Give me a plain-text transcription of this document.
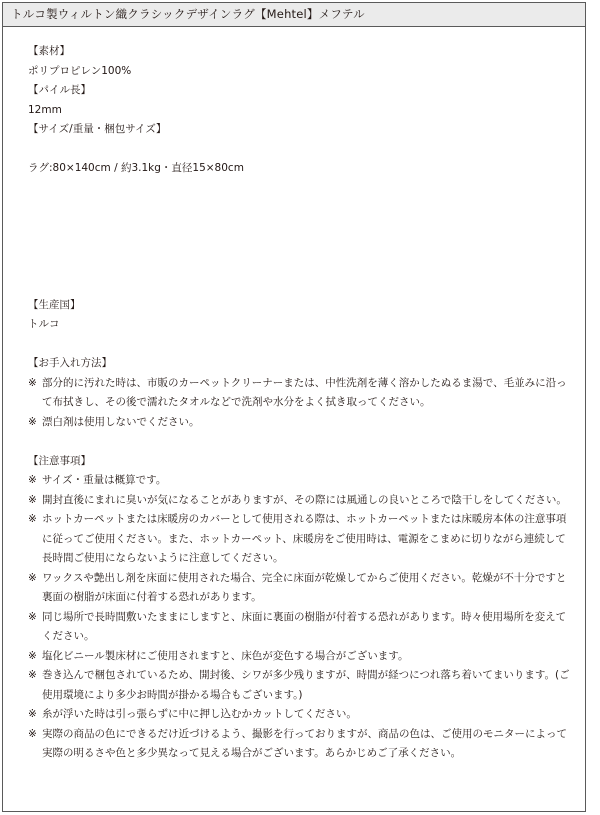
トルコ製ウィルトン織クラシックデザインラグ【Mehtel】メフテル

【素材】

ポリプロピレン100%

【パイル長】

12mm

【サイズ/重量・梱包サイズ】

ラグ:80×140cm / 約3.1kg・直径15×80cm

【生産国】

トルコ

【お手入れ方法】

※ 部分的に汚れた時は、市販のカーペットクリーナーまたは、中性洗剤を薄く溶かしたぬるま湯で、毛並みに沿って布拭きし、その後で濡れたタオルなどで洗剤や水分をよく拭き取ってください。

※ 漂白剤は使用しないでください。

【注意事項】

※ サイズ・重量は概算です。

※ 開封直後にまれに臭いが気になることがありますが、その際には風通しの良いところで陰干しをしてください。

※ ホットカーペットまたは床暖房のカバーとして使用される際は、ホットカーペットまたは床暖房本体の注意事項に従ってご使用ください。また、ホットカーペット、床暖房をご使用時は、電源をこまめに切りながら連続して長時間ご使用にならないように注意してください。

※ ワックスや艶出し剤を床面に使用された場合、完全に床面が乾燥してからご使用ください。乾燥が不十分ですと裏面の樹脂が床面に付着する恐れがあります。

※ 同じ場所で長時間敷いたままにしますと、床面に裏面の樹脂が付着する恐れがあります。時々使用場所を変えてください。

※ 塩化ビニール製床材にご使用されますと、床色が変色する場合がございます。

※ 巻き込んで梱包されているため、開封後、シワが多少残りますが、時間が経つにつれ落ち着いてまいります。(ご使用環境により多少お時間が掛かる場合もございます。)

※ 糸が浮いた時は引っ張らずに中に押し込むかカットしてください。

※ 実際の商品の色にできるだけ近づけるよう、撮影を行っておりますが、商品の色は、ご使用のモニターによって実際の明るさや色と多少異なって見える場合がございます。あらかじめご了承ください。
